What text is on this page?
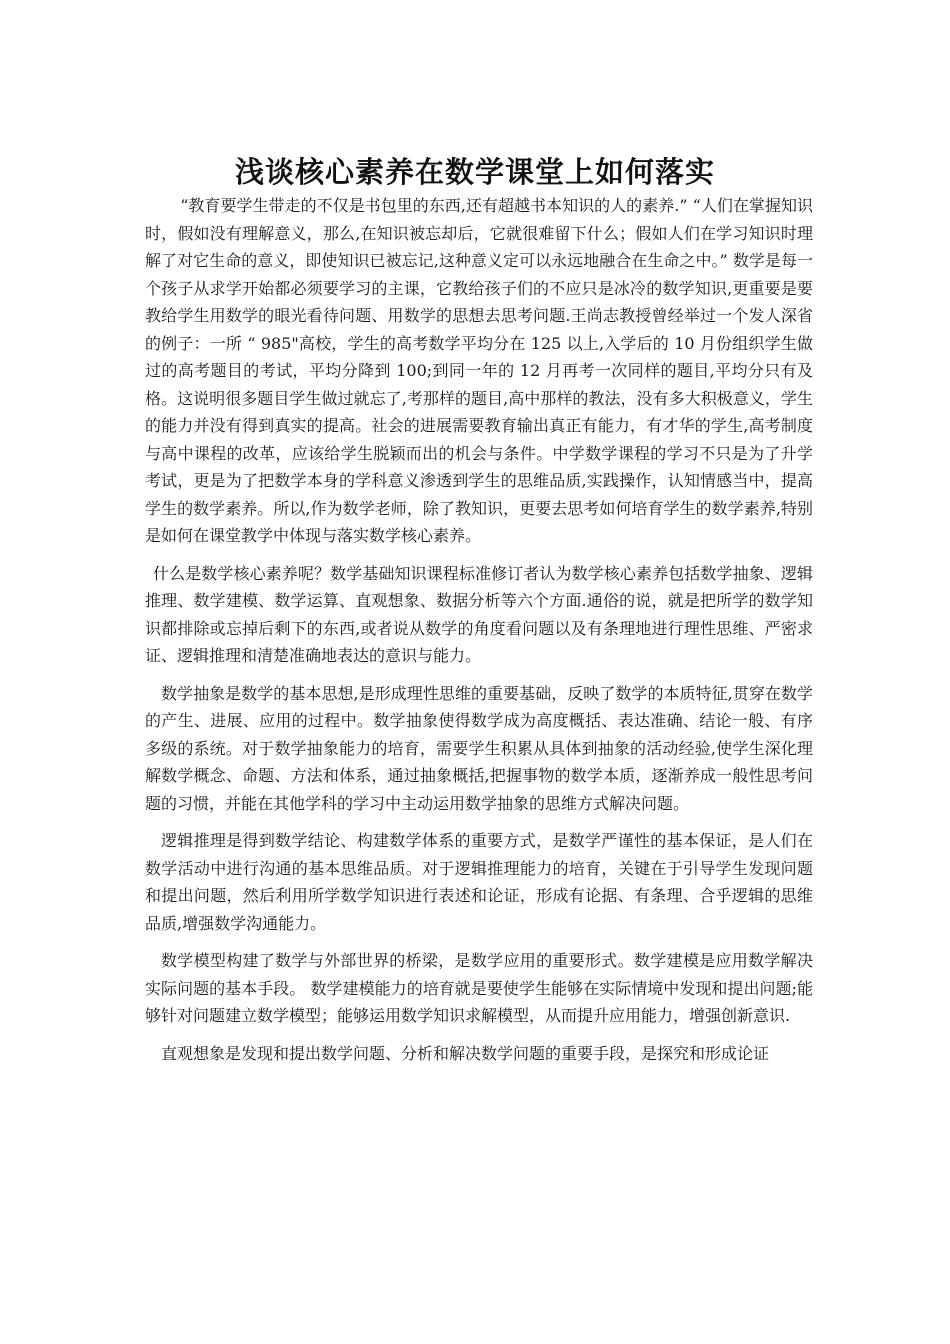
浅谈核心素养在数学课堂上如何落实

“教育要学生带走的不仅是书包里的东西,还有超越书本知识的人的素养.” “人们在掌握知识时，假如没有理解意义，那么,在知识被忘却后，它就很难留下什么；假如人们在学习知识时理解了对它生命的意义，即使知识已被忘记,这种意义定可以永远地融合在生命之中。” 数学是每一个孩子从求学开始都必须要学习的主课，它教给孩子们的不应只是冰冷的数学知识,更重要是要教给学生用数学的眼光看待问题、用数学的思想去思考问题.王尚志教授曾经举过一个发人深省的例子：一所 “ 985"高校，学生的高考数学平均分在 125 以上,入学后的 10 月份组织学生做过的高考题目的考试，平均分降到 100;到同一年的 12 月再考一次同样的题目,平均分只有及格。这说明很多题目学生做过就忘了,考那样的题目,高中那样的教法，没有多大积极意义，学生的能力并没有得到真实的提高。社会的进展需要教育输出真正有能力，有才华的学生,高考制度与高中课程的改革，应该给学生脱颖而出的机会与条件。中学数学课程的学习不只是为了升学考试，更是为了把数学本身的学科意义渗透到学生的思维品质,实践操作，认知情感当中，提高学生的数学素养。所以,作为数学老师，除了教知识，更要去思考如何培育学生的数学素养,特别是如何在课堂教学中体现与落实数学核心素养。

什么是数学核心素养呢？数学基础知识课程标准修订者认为数学核心素养包括数学抽象、逻辑推理、数学建模、数学运算、直观想象、数据分析等六个方面.通俗的说，就是把所学的数学知识都排除或忘掉后剩下的东西,或者说从数学的角度看问题以及有条理地进行理性思维、严密求证、逻辑推理和清楚准确地表达的意识与能力。

数学抽象是数学的基本思想,是形成理性思维的重要基础，反映了数学的本质特征,贯穿在数学的产生、进展、应用的过程中。数学抽象使得数学成为高度概括、表达准确、结论一般、有序多级的系统。对于数学抽象能力的培育，需要学生积累从具体到抽象的活动经验,使学生深化理解数学概念、命题、方法和体系，通过抽象概括,把握事物的数学本质，逐渐养成一般性思考问题的习惯，并能在其他学科的学习中主动运用数学抽象的思维方式解决问题。

逻辑推理是得到数学结论、构建数学体系的重要方式，是数学严谨性的基本保证，是人们在数学活动中进行沟通的基本思维品质。对于逻辑推理能力的培育，关键在于引导学生发现问题和提出问题，然后利用所学数学知识进行表述和论证，形成有论据、有条理、合乎逻辑的思维品质,增强数学沟通能力。

数学模型构建了数学与外部世界的桥梁，是数学应用的重要形式。数学建模是应用数学解决实际问题的基本手段。 数学建模能力的培育就是要使学生能够在实际情境中发现和提出问题;能够针对问题建立数学模型；能够运用数学知识求解模型，从而提升应用能力，增强创新意识.

直观想象是发现和提出数学问题、分析和解决数学问题的重要手段，是探究和形成论证
